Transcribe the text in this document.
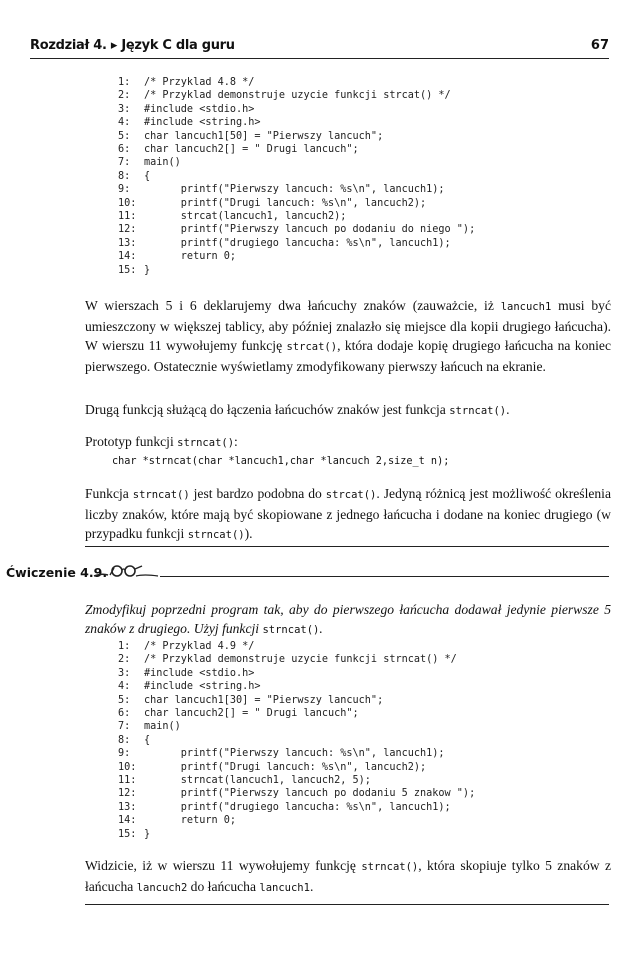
Rozdział 4. ▸ Język C dla guru	67
1: /* Przyklad 4.8 */
2: /* Przyklad demonstruje uzycie funkcji strcat() */
3: #include <stdio.h>
4: #include <string.h>
5: char lancuch1[50] = "Pierwszy lancuch";
6: char lancuch2[] = " Drugi lancuch";
7: main()
8: {
9:      printf("Pierwszy lancuch: %s\n", lancuch1);
10:      printf("Drugi lancuch: %s\n", lancuch2);
11:      strcat(lancuch1, lancuch2);
12:      printf("Pierwszy lancuch po dodaniu do niego ");
13:      printf("drugiego lancucha: %s\n", lancuch1);
14:      return 0;
15: }
W wierszach 5 i 6 deklarujemy dwa łańcuchy znaków (zauważcie, iż lancuch1 musi być umieszczony w większej tablicy, aby później znalazło się miejsce dla kopii drugiego łańcucha). W wierszu 11 wywołujemy funkcję strcat(), która dodaje kopię drugiego łańcucha na koniec pierwszego. Ostatecznie wyświetlamy zmodyfikowany pierwszy łańcuch na ekranie.
Drugą funkcją służącą do łączenia łańcuchów znaków jest funkcja strncat().
Prototyp funkcji strncat():
char *strncat(char *lancuch1,char *lancuch 2,size_t n);
Funkcja strncat() jest bardzo podobna do strcat(). Jedyną różnicą jest możliwość określenia liczby znaków, które mają być skopiowane z jednego łańcucha i dodane na koniec drugiego (w przypadku funkcji strncat()).
Ćwiczenie 4.9.
Zmodyfikuj poprzedni program tak, aby do pierwszego łańcucha dodawał jedynie pierwsze 5 znaków z drugiego. Użyj funkcji strncat().
1: /* Przyklad 4.9 */
2: /* Przyklad demonstruje uzycie funkcji strncat() */
3: #include <stdio.h>
4: #include <string.h>
5: char lancuch1[30] = "Pierwszy lancuch";
6: char lancuch2[] = " Drugi lancuch";
7: main()
8: {
9:      printf("Pierwszy lancuch: %s\n", lancuch1);
10:      printf("Drugi lancuch: %s\n", lancuch2);
11:      strncat(lancuch1, lancuch2, 5);
12:      printf("Pierwszy lancuch po dodaniu 5 znakow ");
13:      printf("drugiego lancucha: %s\n", lancuch1);
14:      return 0;
15: }
Widzicie, iż w wierszu 11 wywołujemy funkcję strncat(), która skopiuje tylko 5 znaków z łańcucha lancuch2 do łańcucha lancuch1.
